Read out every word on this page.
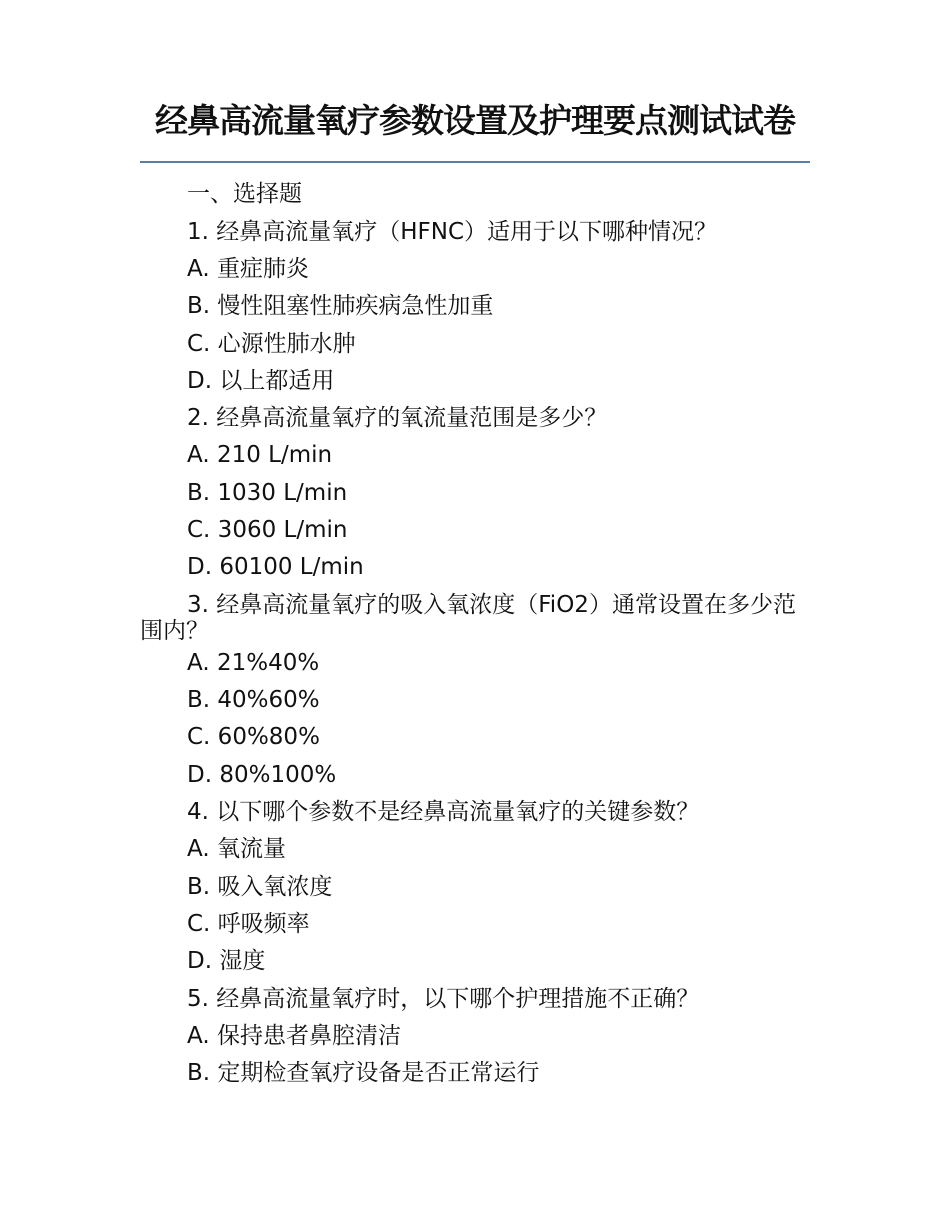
经鼻高流量氧疗参数设置及护理要点测试试卷

一、选择题

1. 经鼻高流量氧疗（HFNC）适用于以下哪种情况？

A. 重症肺炎

B. 慢性阻塞性肺疾病急性加重

C. 心源性肺水肿

D. 以上都适用

2. 经鼻高流量氧疗的氧流量范围是多少？

A. 210 L/min

B. 1030 L/min

C. 3060 L/min

D. 60100 L/min

3. 经鼻高流量氧疗的吸入氧浓度（FiO2）通常设置在多少范围内？

A. 21%40%

B. 40%60%

C. 60%80%

D. 80%100%

4. 以下哪个参数不是经鼻高流量氧疗的关键参数？

A. 氧流量

B. 吸入氧浓度

C. 呼吸频率

D. 湿度

5. 经鼻高流量氧疗时，以下哪个护理措施不正确？

A. 保持患者鼻腔清洁

B. 定期检查氧疗设备是否正常运行
